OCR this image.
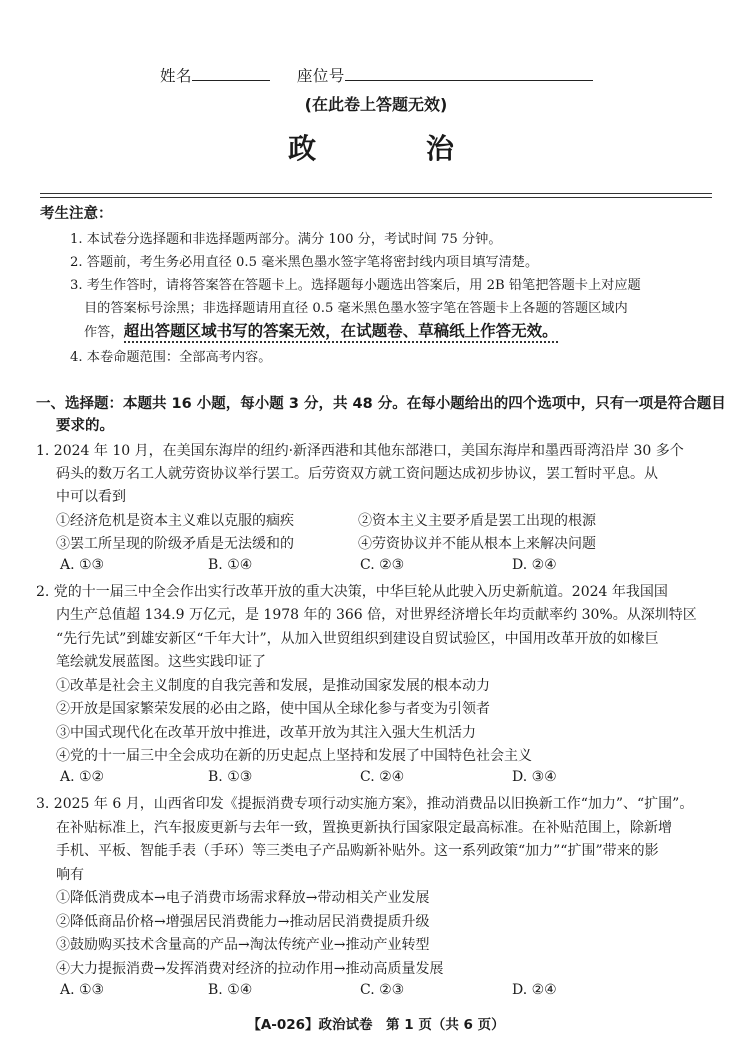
姓名	座位号
(在此卷上答题无效)
政 治
考生注意：
1. 本试卷分选择题和非选择题两部分。满分 100 分，考试时间 75 分钟。
2. 答题前，考生务必用直径 0.5 毫米黑色墨水签字笔将密封线内项目填写清楚。
3. 考生作答时，请将答案答在答题卡上。选择题每小题选出答案后，用 2B 铅笔把答题卡上对应题
目的答案标号涂黑；非选择题请用直径 0.5 毫米黑色墨水签字笔在答题卡上各题的答题区域内
作答，超出答题区域书写的答案无效，在试题卷、草稿纸上作答无效。
4. 本卷命题范围：全部高考内容。
一、选择题：本题共 16 小题，每小题 3 分，共 48 分。在每小题给出的四个选项中，只有一项是符合题目
要求的。
1. 2024 年 10 月，在美国东海岸的纽约·新泽西港和其他东部港口，美国东海岸和墨西哥湾沿岸 30 多个
码头的数万名工人就劳资协议举行罢工。后劳资双方就工资问题达成初步协议，罢工暂时平息。从
中可以看到
①经济危机是资本主义难以克服的痼疾	②资本主义主要矛盾是罢工出现的根源
③罢工所呈现的阶级矛盾是无法缓和的	④劳资协议并不能从根本上来解决问题
A. ①③	B. ①④	C. ②③	D. ②④
2. 党的十一届三中全会作出实行改革开放的重大决策，中华巨轮从此驶入历史新航道。2024 年我国国
内生产总值超 134.9 万亿元，是 1978 年的 366 倍，对世界经济增长年均贡献率约 30%。从深圳特区
“先行先试”到雄安新区“千年大计”，从加入世贸组织到建设自贸试验区，中国用改革开放的如椽巨
笔绘就发展蓝图。这些实践印证了
①改革是社会主义制度的自我完善和发展，是推动国家发展的根本动力
②开放是国家繁荣发展的必由之路，使中国从全球化参与者变为引领者
③中国式现代化在改革开放中推进，改革开放为其注入强大生机活力
④党的十一届三中全会成功在新的历史起点上坚持和发展了中国特色社会主义
A. ①②	B. ①③	C. ②④	D. ③④
3. 2025 年 6 月，山西省印发《提振消费专项行动实施方案》，推动消费品以旧换新工作“加力”、“扩围”。
在补贴标准上，汽车报废更新与去年一致，置换更新执行国家限定最高标准。在补贴范围上，除新增
手机、平板、智能手表（手环）等三类电子产品购新补贴外。这一系列政策“加力”“扩围”带来的影
响有
①降低消费成本→电子消费市场需求释放→带动相关产业发展
②降低商品价格→增强居民消费能力→推动居民消费提质升级
③鼓励购买技术含量高的产品→淘汰传统产业→推动产业转型
④大力提振消费→发挥消费对经济的拉动作用→推动高质量发展
A. ①③	B. ①④	C. ②③	D. ②④
【A-026】政治试卷　第 1 页（共 6 页）
